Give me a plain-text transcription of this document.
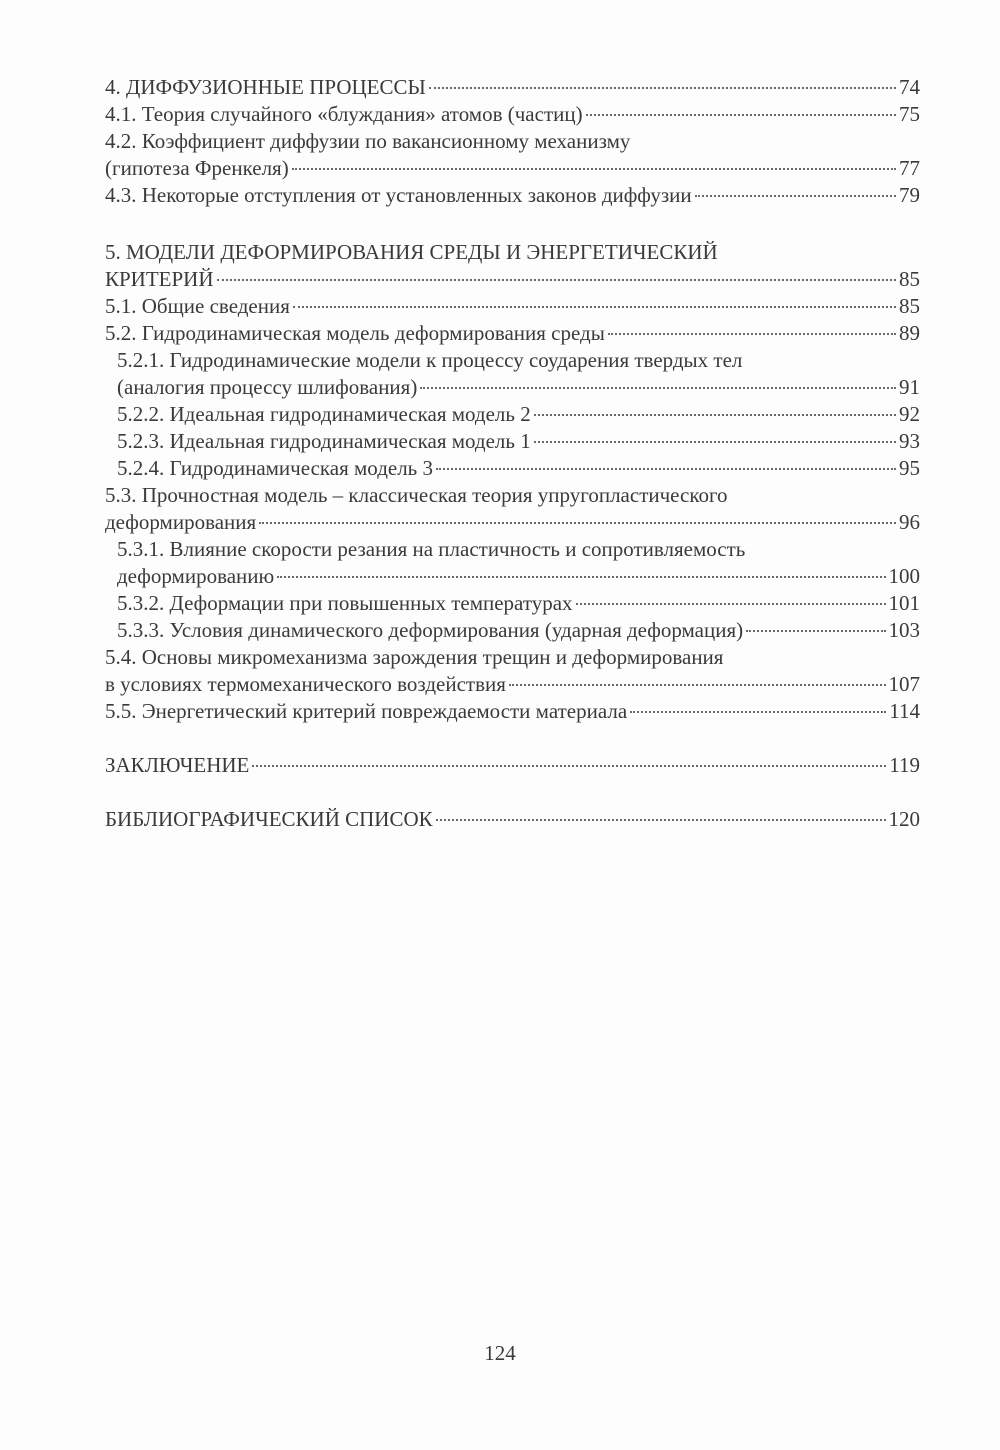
4. ДИФФУЗИОННЫЕ ПРОЦЕССЫ	74
4.1. Теория случайного «блуждания» атомов (частиц)	75
4.2. Коэффициент диффузии по вакансионному механизму
(гипотеза Френкеля)	77
4.3. Некоторые отступления от установленных законов диффузии	79
5. МОДЕЛИ ДЕФОРМИРОВАНИЯ СРЕДЫ И ЭНЕРГЕТИЧЕСКИЙ
КРИТЕРИЙ	85
5.1. Общие сведения	85
5.2. Гидродинамическая модель деформирования среды	89
5.2.1. Гидродинамические модели к процессу соударения твердых тел
(аналогия процессу шлифования)	91
5.2.2. Идеальная гидродинамическая модель 2	92
5.2.3. Идеальная гидродинамическая модель 1	93
5.2.4. Гидродинамическая модель 3	95
5.3. Прочностная модель – классическая теория упругопластического
деформирования	96
5.3.1. Влияние скорости резания на пластичность и сопротивляемость
деформированию	100
5.3.2. Деформации при повышенных температурах	101
5.3.3. Условия динамического деформирования (ударная деформация)	103
5.4. Основы микромеханизма зарождения трещин и деформирования
в условиях термомеханического воздействия	107
5.5. Энергетический критерий повреждаемости материала	114
ЗАКЛЮЧЕНИЕ	119
БИБЛИОГРАФИЧЕСКИЙ СПИСОК	120
124
